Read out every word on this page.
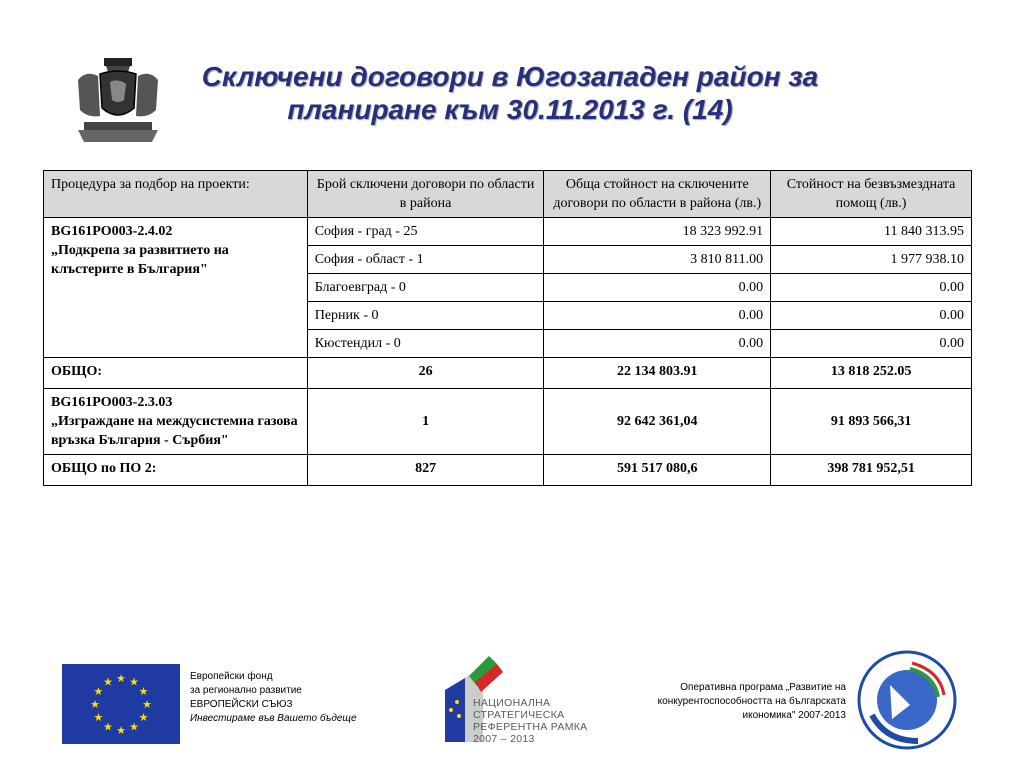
Сключени договори в Югозападен район за
планиране към 30.11.2013 г. (14)
Процедура за подбор на проекти:	Брой сключени договори по области в района	Обща стойност на сключените договори по области в района (лв.)	Стойност на безвъзмездната помощ (лв.)

BG161PO003-2.4.02
„Подкрепа за развитието на клъстерите в България"	София - град - 25	18 323 992.91	11 840 313.95
	София - област - 1	3 810 811.00	1 977 938.10
	Благоевград - 0	0.00	0.00
	Перник - 0	0.00	0.00
	Кюстендил - 0	0.00	0.00
ОБЩО:	26	22 134 803.91	13 818 252.05

BG161PO003-2.3.03
„Изграждане на междусистемна газова връзка България - Сърбия"	1	92 642 361,04	91 893 566,31
ОБЩО по ПО 2:	827	591 517 080,6	398 781 952,51
★ ★
★
★
★
★
★
★
★
★
★
★	Европейски фонд
за регионално развитие
ЕВРОПЕЙСКИ СЪЮЗ
Инвестираме във Вашето бъдеще
НАЦИОНАЛНА
СТРАТЕГИЧЕСКА
РЕФЕРЕНТНА РАМКА
2007 – 2013
Оперативна програма „Развитие на
конкурентоспособността на българската
икономика" 2007-2013
